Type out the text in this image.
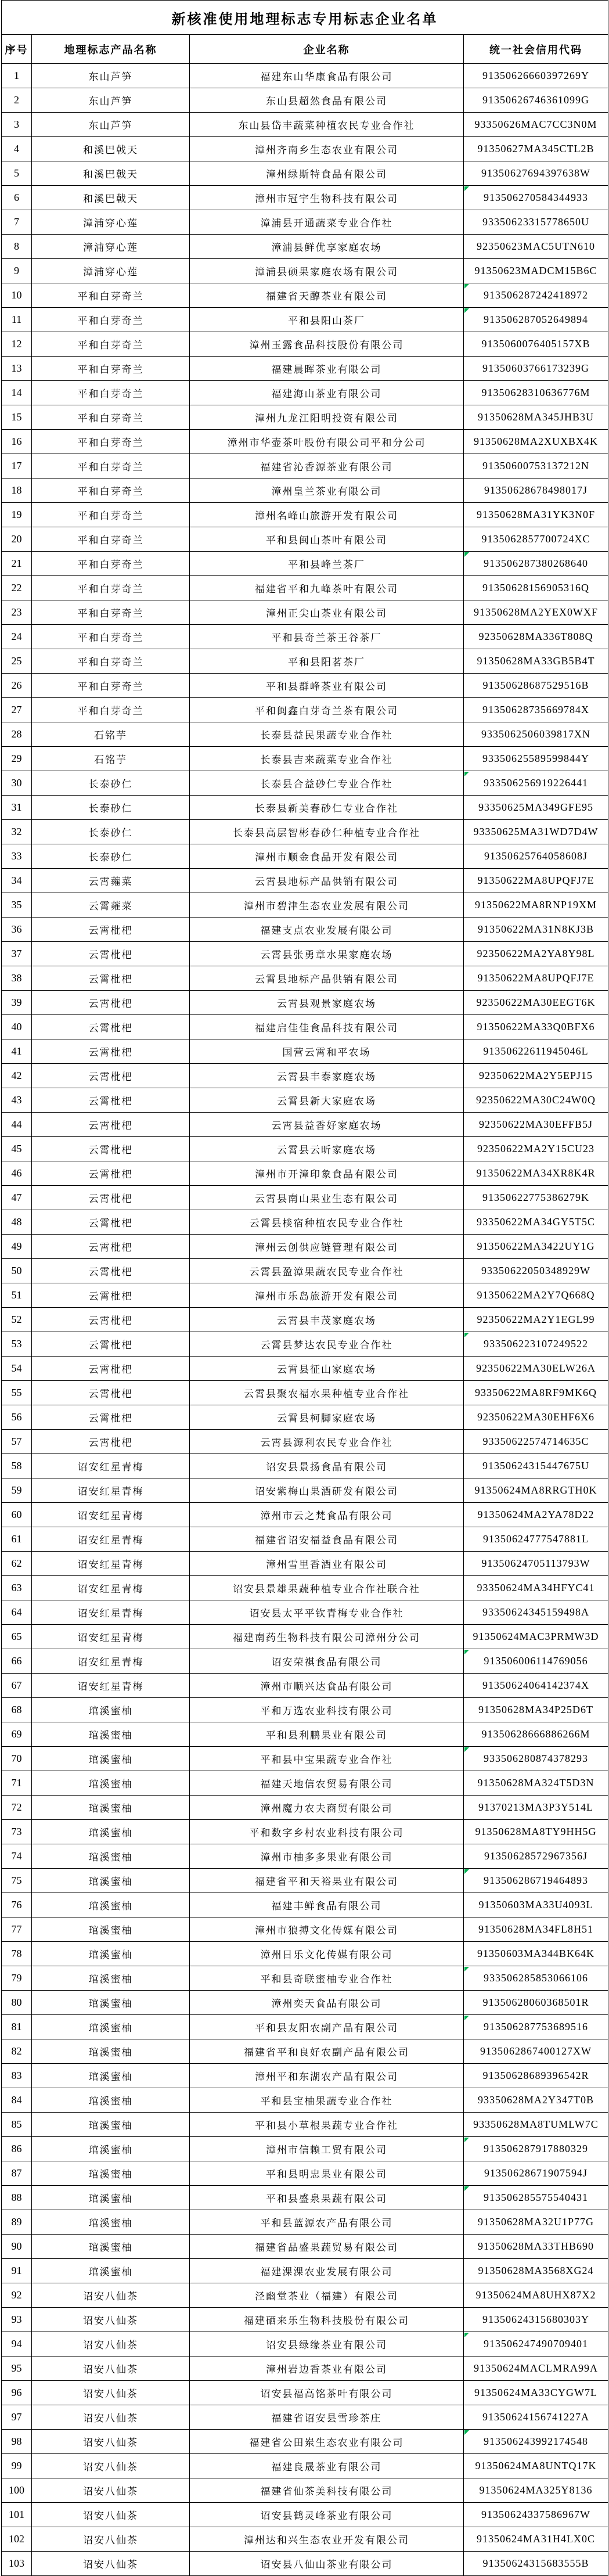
新核准使用地理标志专用标志企业名单			
序号	地理标志产品名称	企业名称	统一社会信用代码
1	东山芦笋	福建东山华康食品有限公司	91350626660397269Y
2	东山芦笋	东山县超然食品有限公司	91350626746361099G
3	东山芦笋	东山县岱丰蔬菜种植农民专业合作社	93350626MAC7CC3N0M
4	和溪巴戟天	漳州齐南乡生态农业有限公司	91350627MA345CTL2B
5	和溪巴戟天	漳州绿斯特食品有限公司	91350627694397638W
6	和溪巴戟天	漳州市冠宇生物科技有限公司	913506270584344933

7	漳浦穿心莲	漳浦县开通蔬菜专业合作社	93350623315778650U
8	漳浦穿心莲	漳浦县鲜优享家庭农场	92350623MAC5UTN610
9	漳浦穿心莲	漳浦县硕果家庭农场有限公司	91350623MADCM15B6C
10	平和白芽奇兰	福建省天醇茶业有限公司	913506287242418972

11	平和白芽奇兰	平和县阳山茶厂	913506287052649894

12	平和白芽奇兰	漳州玉露食品科技股份有限公司	9135060076405157XB
13	平和白芽奇兰	福建晨晖茶业有限公司	91350603766173239G
14	平和白芽奇兰	福建海山茶业有限公司	91350628310636776M
15	平和白芽奇兰	漳州九龙江阳明投资有限公司	91350628MA345JHB3U
16	平和白芽奇兰	漳州市华壶茶叶股份有限公司平和分公司	91350628MA2XUXBX4K
17	平和白芽奇兰	福建省沁香源茶业有限公司	91350600753137212N
18	平和白芽奇兰	漳州皇兰茶业有限公司	91350628678498017J
19	平和白芽奇兰	漳州名峰山旅游开发有限公司	91350628MA31YK3N0F
20	平和白芽奇兰	平和县闽山茶叶有限公司	9135062857700724XC
21	平和白芽奇兰	平和县峰兰茶厂	913506287380268640

22	平和白芽奇兰	福建省平和九峰茶叶有限公司	91350628156905316Q
23	平和白芽奇兰	漳州正尖山茶业有限公司	91350628MA2YEX0WXF
24	平和白芽奇兰	平和县奇兰茶王谷茶厂	92350628MA336T808Q
25	平和白芽奇兰	平和县阳茗茶厂	91350628MA33GB5B4T
26	平和白芽奇兰	平和县群峰茶业有限公司	91350628687529516B
27	平和白芽奇兰	平和闽鑫白芽奇兰茶有限公司	91350628735669784X
28	石铭芋	长泰县益民果蔬专业合作社	9335062506039817XN
29	石铭芋	长泰县吉来蔬菜专业合作社	93350625589599844Y
30	长泰砂仁	长泰县合益砂仁专业合作社	933506256919226441

31	长泰砂仁	长泰县新美春砂仁专业合作社	93350625MA349GFE95
32	长泰砂仁	长泰县高层智彬春砂仁种植专业合作社	93350625MA31WD7D4W
33	长泰砂仁	漳州市顺金食品开发有限公司	91350625764058608J
34	云霄蕹菜	云霄县地标产品供销有限公司	91350622MA8UPQFJ7E
35	云霄蕹菜	漳州市碧津生态农业发展有限公司	91350622MA8RNP19XM
36	云霄枇杷	福建支点农业发展有限公司	91350622MA31N8KJ3B
37	云霄枇杷	云霄县张勇章水果家庭农场	92350622MA2YA8Y98L
38	云霄枇杷	云霄县地标产品供销有限公司	91350622MA8UPQFJ7E
39	云霄枇杷	云霄县观景家庭农场	92350622MA30EEGT6K
40	云霄枇杷	福建启佳佳食品科技有限公司	91350622MA33Q0BFX6
41	云霄枇杷	国营云霄和平农场	91350622611945046L
42	云霄枇杷	云霄县丰泰家庭农场	92350622MA2Y5EPJ15
43	云霄枇杷	云霄县新大家庭农场	92350622MA30C24W0Q
44	云霄枇杷	云霄县益香好家庭农场	92350622MA30EFFB5J
45	云霄枇杷	云霄县云昕家庭农场	92350622MA2Y15CU23
46	云霄枇杷	漳州市开漳印象食品有限公司	91350622MA34XR8K4R
47	云霄枇杷	云霄县南山果业生态有限公司	91350622775386279K
48	云霄枇杷	云霄县棪宿种植农民专业合作社	93350622MA34GY5T5C
49	云霄枇杷	漳州云创供应链管理有限公司	91350622MA3422UY1G
50	云霄枇杷	云霄县盈漳果蔬农民专业合作社	93350622050348929W
51	云霄枇杷	漳州市乐岛旅游开发有限公司	91350622MA2Y7Q668Q
52	云霄枇杷	云霄县丰茂家庭农场	92350622MA2Y1EGL99
53	云霄枇杷	云霄县梦达农民专业合作社	933506223107249522

54	云霄枇杷	云霄县征山家庭农场	92350622MA30ELW26A
55	云霄枇杷	云霄县聚农福水果种植专业合作社	93350622MA8RF9MK6Q
56	云霄枇杷	云霄县柯脚家庭农场	92350622MA30EHF6X6
57	云霄枇杷	云霄县源利农民专业合作社	93350622574714635C
58	诏安红星青梅	诏安县景扬食品有限公司	91350624315447675U
59	诏安红星青梅	诏安紫梅山果酒研发有限公司	91350624MA8RRGTH0K
60	诏安红星青梅	漳州市云之梵食品有限公司	91350624MA2YA78D22
61	诏安红星青梅	福建省诏安福益食品有限公司	91350624777547881L
62	诏安红星青梅	漳州雪里香酒业有限公司	91350624705113793W
63	诏安红星青梅	诏安县景雄果蔬种植专业合作社联合社	93350624MA34HFYC41
64	诏安红星青梅	诏安县太平平钦青梅专业合作社	93350624345159498A
65	诏安红星青梅	福建南药生物科技有限公司漳州分公司	91350624MAC3PRMW3D
66	诏安红星青梅	诏安荣祺食品有限公司	913506006114769056

67	诏安红星青梅	漳州市顺兴达食品有限公司	91350624064142374X
68	琯溪蜜柚	平和万选农业科技有限公司	91350628MA34P25D6T
69	琯溪蜜柚	平和县利鹏果业有限公司	91350628666886266M
70	琯溪蜜柚	平和县中宝果蔬专业合作社	933506280874378293

71	琯溪蜜柚	福建天地信农贸易有限公司	91350628MA324T5D3N
72	琯溪蜜柚	漳州魔力农夫商贸有限公司	91370213MA3P3Y514L
73	琯溪蜜柚	平和数字乡村农业科技有限公司	91350628MA8TY9HH5G
74	琯溪蜜柚	漳州市柚多多果业有限公司	91350628572967356J
75	琯溪蜜柚	福建省平和天裕果业有限公司	913506286719464893

76	琯溪蜜柚	福建丰鲜食品有限公司	91350603MA33U4093L
77	琯溪蜜柚	漳州市狼搏文化传媒有限公司	91350628MA34FL8H51
78	琯溪蜜柚	漳州日乐文化传媒有限公司	91350603MA344BK64K
79	琯溪蜜柚	平和县奇联蜜柚专业合作社	933506285853066106

80	琯溪蜜柚	漳州奕天食品有限公司	91350628060368501R
81	琯溪蜜柚	平和县友阳农副产品有限公司	913506287753689516

82	琯溪蜜柚	福建省平和良好农副产品有限公司	9135062867400127XW
83	琯溪蜜柚	漳州平和东湖农产品有限公司	91350628689396542R
84	琯溪蜜柚	平和县宝柚果蔬专业合作社	93350628MA2Y347T0B
85	琯溪蜜柚	平和县小草根果蔬专业合作社	93350628MA8TUMLW7C
86	琯溪蜜柚	漳州市信赖工贸有限公司	913506287917880329

87	琯溪蜜柚	平和县明忠果业有限公司	91350628671907594J
88	琯溪蜜柚	平和县盛泉果蔬有限公司	913506285575540431

89	琯溪蜜柚	平和县蓝源农产品有限公司	91350628MA32U1P77G
90	琯溪蜜柚	福建省品盛果蔬贸易有限公司	91350628MA33THB690
91	琯溪蜜柚	福建淉淉农业发展有限公司	91350628MA3568XG24
92	诏安八仙茶	泾幽堂茶业（福建）有限公司	91350624MA8UHX87X2
93	诏安八仙茶	福建硒来乐生物科技股份有限公司	91350624315680303Y
94	诏安八仙茶	诏安县绿缘茶业有限公司	913506247490709401

95	诏安八仙茶	漳州岩边香茶业有限公司	91350624MACLMRA99A
96	诏安八仙茶	诏安县福高铭茶叶有限公司	91350624MA33CYGW7L
97	诏安八仙茶	福建省诏安县雪珍茶庄	91350624156741227A
98	诏安八仙茶	福建省公田岽生态农业有限公司	913506243992174548

99	诏安八仙茶	福建良晟茶业有限公司	91350624MA8UNTQ17K
100	诏安八仙茶	福建省仙茶美科技有限公司	91350624MA325Y8136
101	诏安八仙茶	诏安县鹤灵峰茶业有限公司	91350624337586967W
102	诏安八仙茶	漳州达和兴生态农业开发有限公司	91350624MA31H4LX0C
103	诏安八仙茶	诏安县八仙山茶业有限公司	91350624315683555B
